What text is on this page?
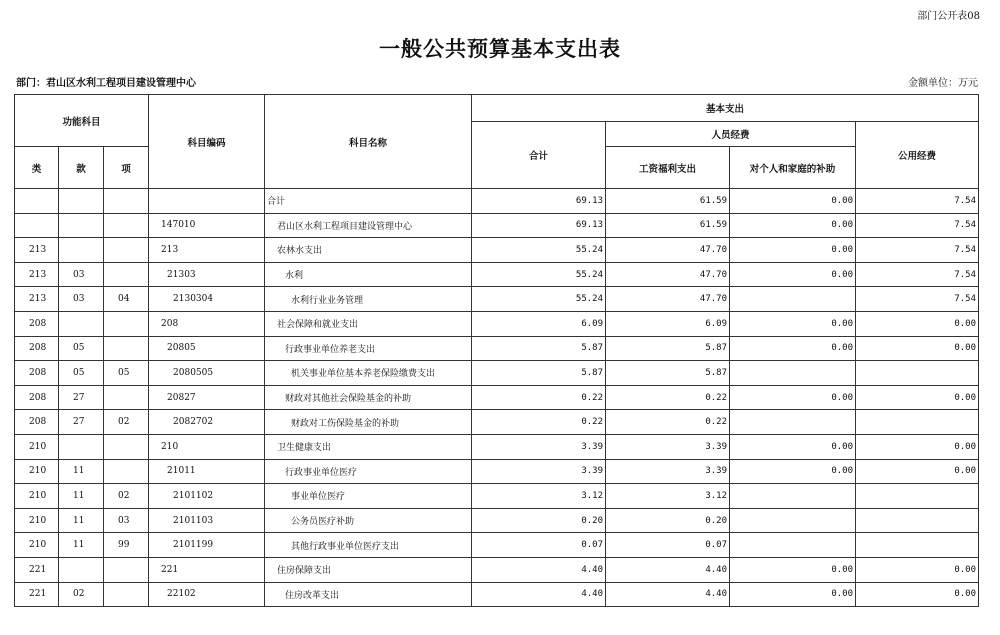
部门公开表08
一般公共预算基本支出表
部门：君山区水利工程项目建设管理中心	金额单位：万元
功能科目			科目编码	科目名称	基本支出			
					合计	人员经费		公用经费
类	款	项				工资福利支出	对个人和家庭的补助	
				合计	69.13	61.59	0.00	7.54
			147010	君山区水利工程项目建设管理中心	69.13	61.59	0.00	7.54
213			213	农林水支出	55.24	47.70	0.00	7.54
213	03		21303	水利	55.24	47.70	0.00	7.54
213	03	04	2130304	水利行业业务管理	55.24	47.70		7.54
208			208	社会保障和就业支出	6.09	6.09	0.00	0.00
208	05		20805	行政事业单位养老支出	5.87	5.87	0.00	0.00
208	05	05	2080505	机关事业单位基本养老保险缴费支出	5.87	5.87		
208	27		20827	财政对其他社会保险基金的补助	0.22	0.22	0.00	0.00
208	27	02	2082702	财政对工伤保险基金的补助	0.22	0.22		
210			210	卫生健康支出	3.39	3.39	0.00	0.00
210	11		21011	行政事业单位医疗	3.39	3.39	0.00	0.00
210	11	02	2101102	事业单位医疗	3.12	3.12		
210	11	03	2101103	公务员医疗补助	0.20	0.20		
210	11	99	2101199	其他行政事业单位医疗支出	0.07	0.07		
221			221	住房保障支出	4.40	4.40	0.00	0.00
221	02		22102	住房改革支出	4.40	4.40	0.00	0.00
